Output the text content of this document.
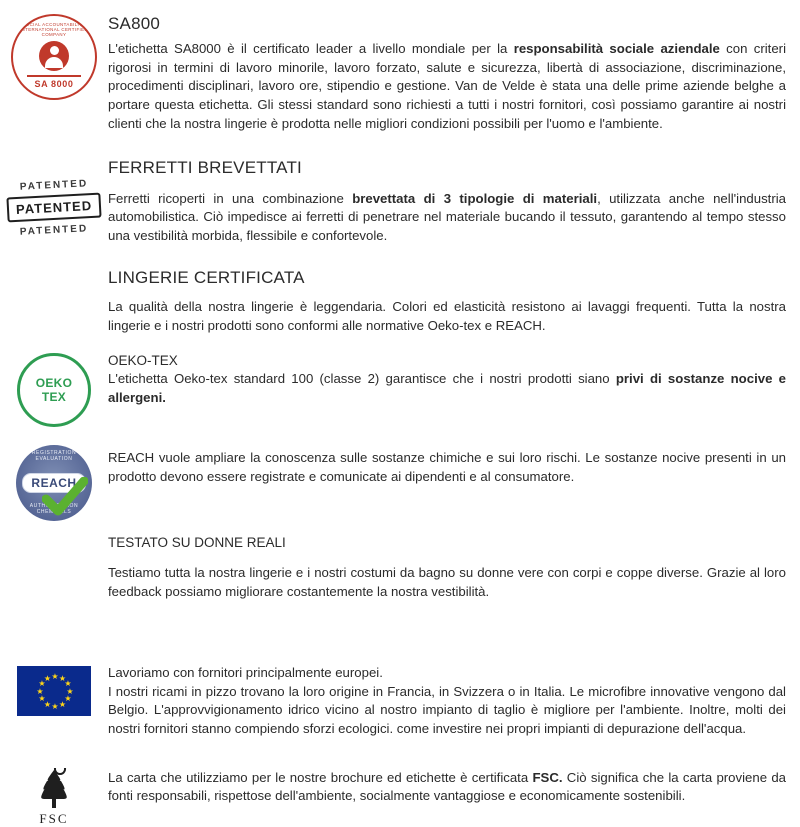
SOCIAL ACCOUNTABILITY INTERNATIONAL CERTIFIED COMPANY
SA 8000
SA800

L'etichetta SA8000 è il certificato leader a livello mondiale per la responsabilità sociale aziendale con criteri rigorosi in termini di lavoro minorile, lavoro forzato, salute e sicurezza, libertà di associazione, discriminazione, procedimenti disciplinari, lavoro ore, stipendio e gestione. Van de Velde è stata una delle prime aziende belghe a portare questa etichetta. Gli stessi standard sono richiesti a tutti i nostri fornitori, così possiamo garantire ai nostri clienti che la nostra lingerie è prodotta nelle migliori condizioni possibili per l'uomo e l'ambiente.

PATENTED
PATENTED
PATENTED
FERRETTI BREVETTATI

Ferretti ricoperti in una combinazione brevettata di 3 tipologie di materiali, utilizzata anche nell'industria automobilistica. Ciò impedisce ai ferretti di penetrare nel materiale bucando il tessuto, garantendo al tempo stesso una vestibilità morbida, flessibile e confortevole.

LINGERIE CERTIFICATA

La qualità della nostra lingerie è leggendaria. Colori ed elasticità resistono ai lavaggi frequenti. Tutta la nostra lingerie e i nostri prodotti sono conformi alle normative Oeko-tex e REACH.

OEKO
TEX
OEKO-TEX

L'etichetta Oeko-tex standard 100 (classe 2) garantisce che i nostri prodotti siano privi di sostanze nocive e allergeni.

REGISTRATION EVALUATION
REACH
AUTHORISATION CHEMICALS

REACH vuole ampliare la conoscenza sulle sostanze chimiche e sui loro rischi. Le sostanze nocive presenti in un prodotto devono essere registrate e comunicate ai dipendenti e al consumatore.

TESTATO SU DONNE REALI

Testiamo tutta la nostra lingerie e i nostri costumi da bagno su donne vere con corpi e coppe diverse. Grazie al loro feedback possiamo migliorare costantemente la nostra vestibilità.

★ ★
★
★
★
★
★
★
★
★
★
★	Lavoriamo con fornitori principalmente europei.

I nostri ricami in pizzo trovano la loro origine in Francia, in Svizzera o in Italia. Le microfibre innovative vengono dal Belgio. L'approvvigionamento idrico vicino al nostro impianto di taglio è migliore per l'ambiente. Inoltre, molti dei nostri fornitori stanno compiendo sforzi ecologici. come investire nei propri impianti di depurazione dell'acqua.

FSC

La carta che utilizziamo per le nostre brochure ed etichette è certificata FSC. Ciò significa che la carta proviene da fonti responsabili, rispettose dell'ambiente, socialmente vantaggiose e economicamente sostenibili.
